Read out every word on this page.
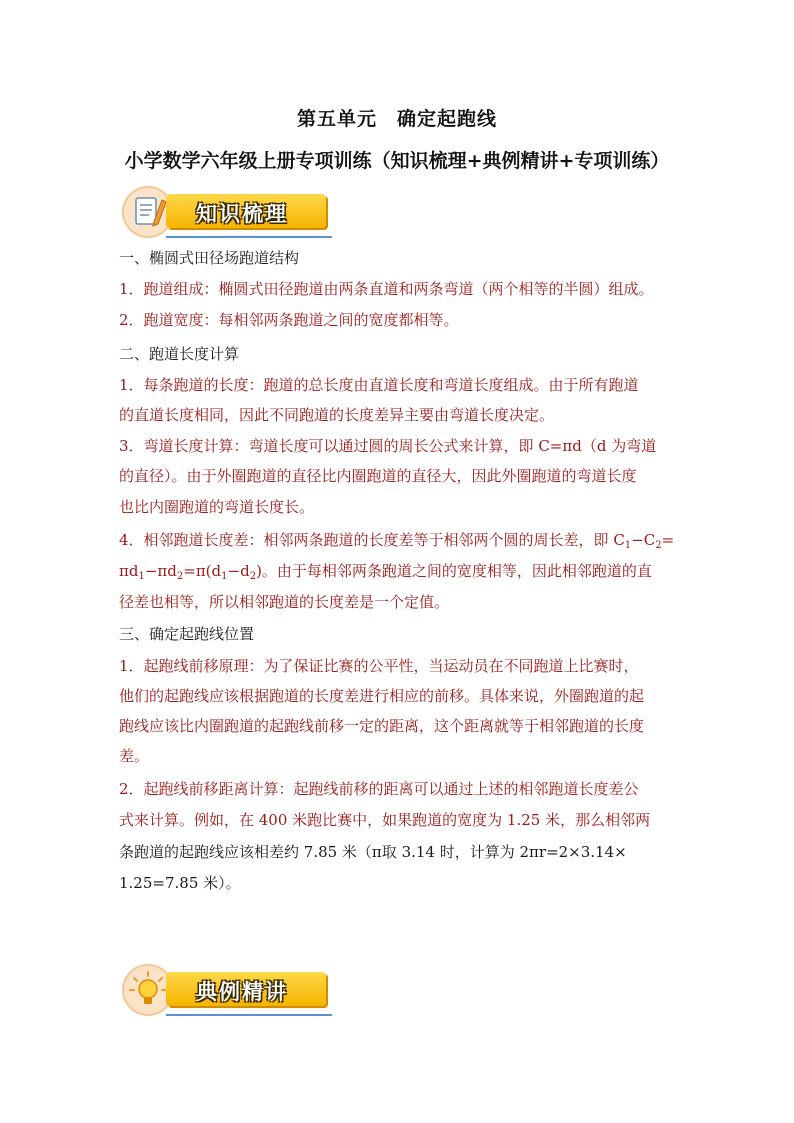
第五单元　确定起跑线
小学数学六年级上册专项训练（知识梳理+典例精讲+专项训练）
知识梳理
一、椭圆式田径场跑道结构
1．跑道组成：椭圆式田径跑道由两条直道和两条弯道（两个相等的半圆）组成。
2．跑道宽度：每相邻两条跑道之间的宽度都相等。
二、跑道长度计算
1．每条跑道的长度：跑道的总长度由直道长度和弯道长度组成。由于所有跑道
的直道长度相同，因此不同跑道的长度差异主要由弯道长度决定。
3．弯道长度计算：弯道长度可以通过圆的周长公式来计算，即 C=πd（d 为弯道
的直径）。由于外圈跑道的直径比内圈跑道的直径大，因此外圈跑道的弯道长度
也比内圈跑道的弯道长度长。
4．相邻跑道长度差：相邻两条跑道的长度差等于相邻两个圆的周长差，即 $C_1-C_2=$
$\pi d_1-\pi d_2=\pi(d_1-d_2)$。由于每相邻两条跑道之间的宽度相等，因此相邻跑道的直
径差也相等，所以相邻跑道的长度差是一个定值。
三、确定起跑线位置
1．起跑线前移原理：为了保证比赛的公平性，当运动员在不同跑道上比赛时，
他们的起跑线应该根据跑道的长度差进行相应的前移。具体来说，外圈跑道的起
跑线应该比内圈跑道的起跑线前移一定的距离，这个距离就等于相邻跑道的长度
差。
2．起跑线前移距离计算：起跑线前移的距离可以通过上述的相邻跑道长度差公
式来计算。例如，在 400 米跑比赛中，如果跑道的宽度为 1.25 米，那么相邻两
条跑道的起跑线应该相差约 7.85 米（π取 3.14 时，计算为 2πr=2×3.14×
1.25=7.85 米）。
典例精讲
